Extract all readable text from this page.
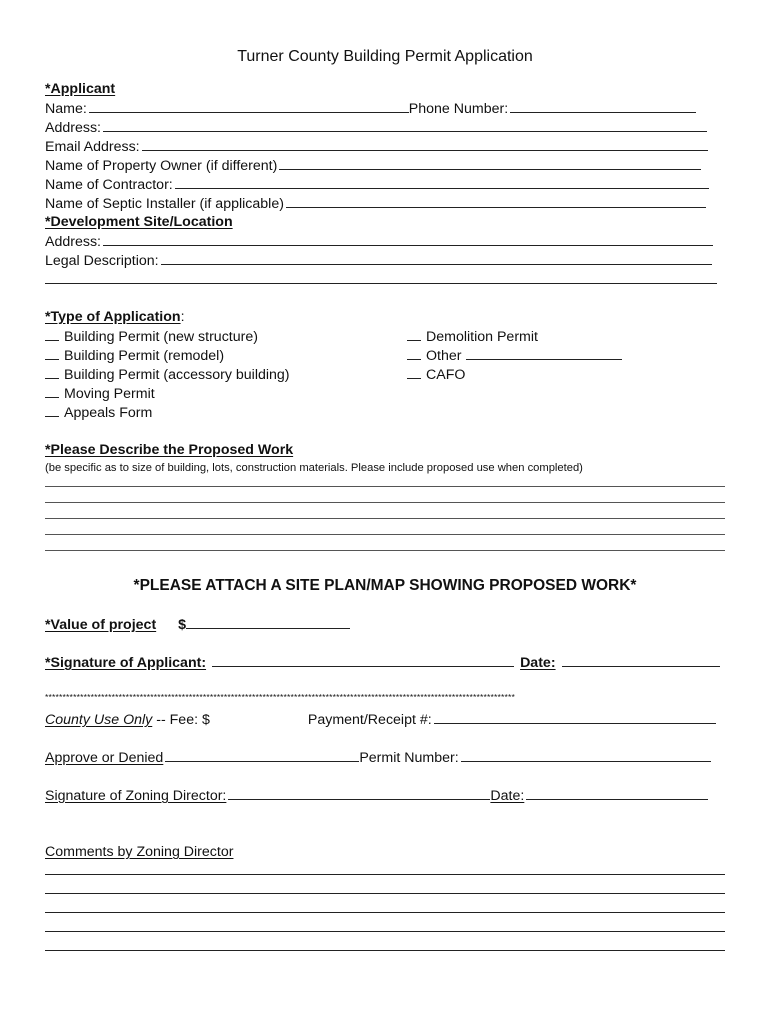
Turner County Building Permit Application
*Applicant
Name:	Phone Number:
Address:
Email Address:
Name of Property Owner (if different)
Name of Contractor:
Name of Septic Installer (if applicable)
*Development Site/Location
Address:
Legal Description:
*Type of Application:
Building Permit (new structure)
Building Permit (remodel)
Building Permit (accessory building)
Moving Permit
Appeals Form
Demolition Permit
Other
CAFO
*Please Describe the Proposed Work
(be specific as to size of building, lots, construction materials. Please include proposed use when completed)
*PLEASE ATTACH A SITE PLAN/MAP SHOWING PROPOSED WORK*
*Value of project $
*Signature of Applicant:	Date:
**************************************************************************************************************************************
County Use Only -- Fee: $	Payment/Receipt #:
Approve or Denied	Permit Number:
Signature of Zoning Director:	Date:
Comments by Zoning Director
